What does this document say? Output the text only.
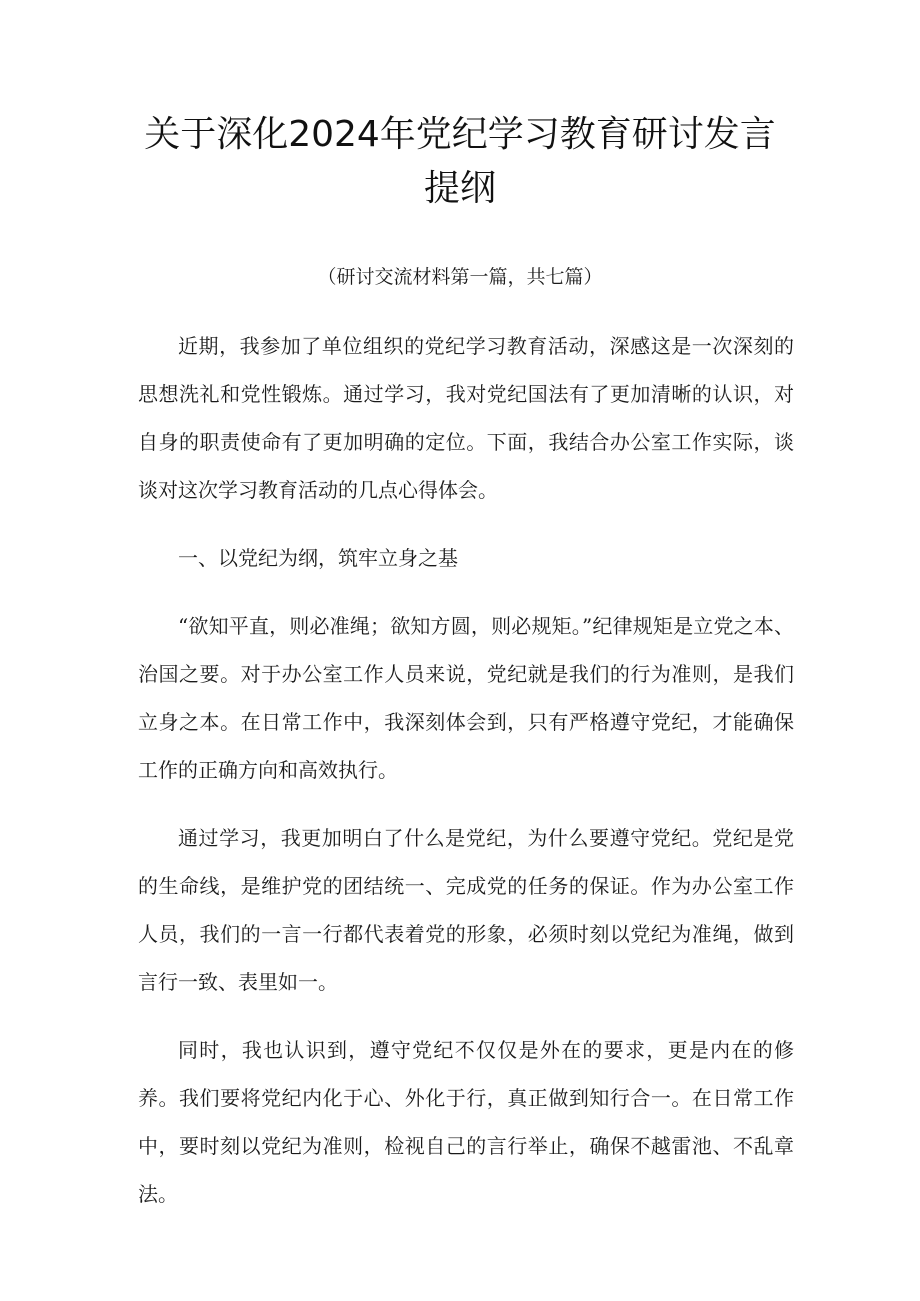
关于深化2024年党纪学习教育研讨发言提纲

（研讨交流材料第一篇，共七篇）

近期，我参加了单位组织的党纪学习教育活动，深感这是一次深刻的思想洗礼和党性锻炼。通过学习，我对党纪国法有了更加清晰的认识，对自身的职责使命有了更加明确的定位。下面，我结合办公室工作实际，谈谈对这次学习教育活动的几点心得体会。

一、以党纪为纲，筑牢立身之基

“欲知平直，则必准绳；欲知方圆，则必规矩。”纪律规矩是立党之本、治国之要。对于办公室工作人员来说，党纪就是我们的行为准则，是我们立身之本。在日常工作中，我深刻体会到，只有严格遵守党纪，才能确保工作的正确方向和高效执行。

通过学习，我更加明白了什么是党纪，为什么要遵守党纪。党纪是党的生命线，是维护党的团结统一、完成党的任务的保证。作为办公室工作人员，我们的一言一行都代表着党的形象，必须时刻以党纪为准绳，做到言行一致、表里如一。

同时，我也认识到，遵守党纪不仅仅是外在的要求，更是内在的修养。我们要将党纪内化于心、外化于行，真正做到知行合一。在日常工作中，要时刻以党纪为准则，检视自己的言行举止，确保不越雷池、不乱章法。
